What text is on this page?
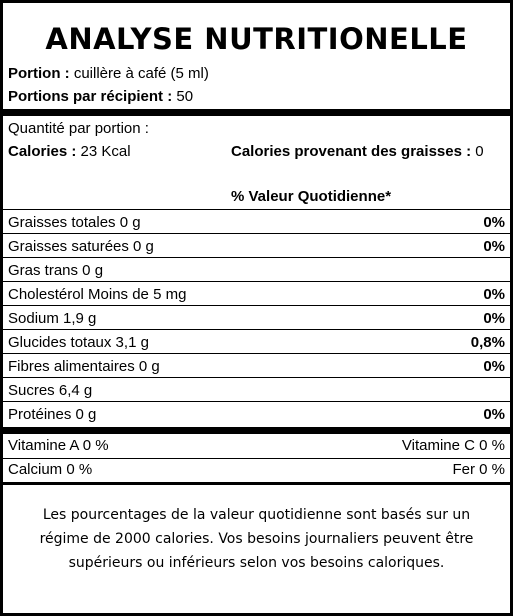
ANALYSE NUTRITIONELLE
Portion : cuillère à café (5 ml)
Portions par récipient : 50
Quantité par portion :
Calories : 23 Kcal	Calories provenant des graisses : 0
% Valeur Quotidienne*
Graisses totales 0 g	0%
Graisses saturées 0 g	0%
Gras trans 0 g
Cholestérol Moins de 5 mg	0%
Sodium 1,9 g	0%
Glucides totaux 3,1 g	0,8%
Fibres alimentaires 0 g	0%
Sucres 6,4 g
Protéines 0 g	0%
Vitamine A 0 %	Vitamine C 0 %
Calcium 0 %	Fer 0 %
Les pourcentages de la valeur quotidienne sont basés sur un régime de 2000 calories. Vos besoins journaliers peuvent être supérieurs ou inférieurs selon vos besoins caloriques.
